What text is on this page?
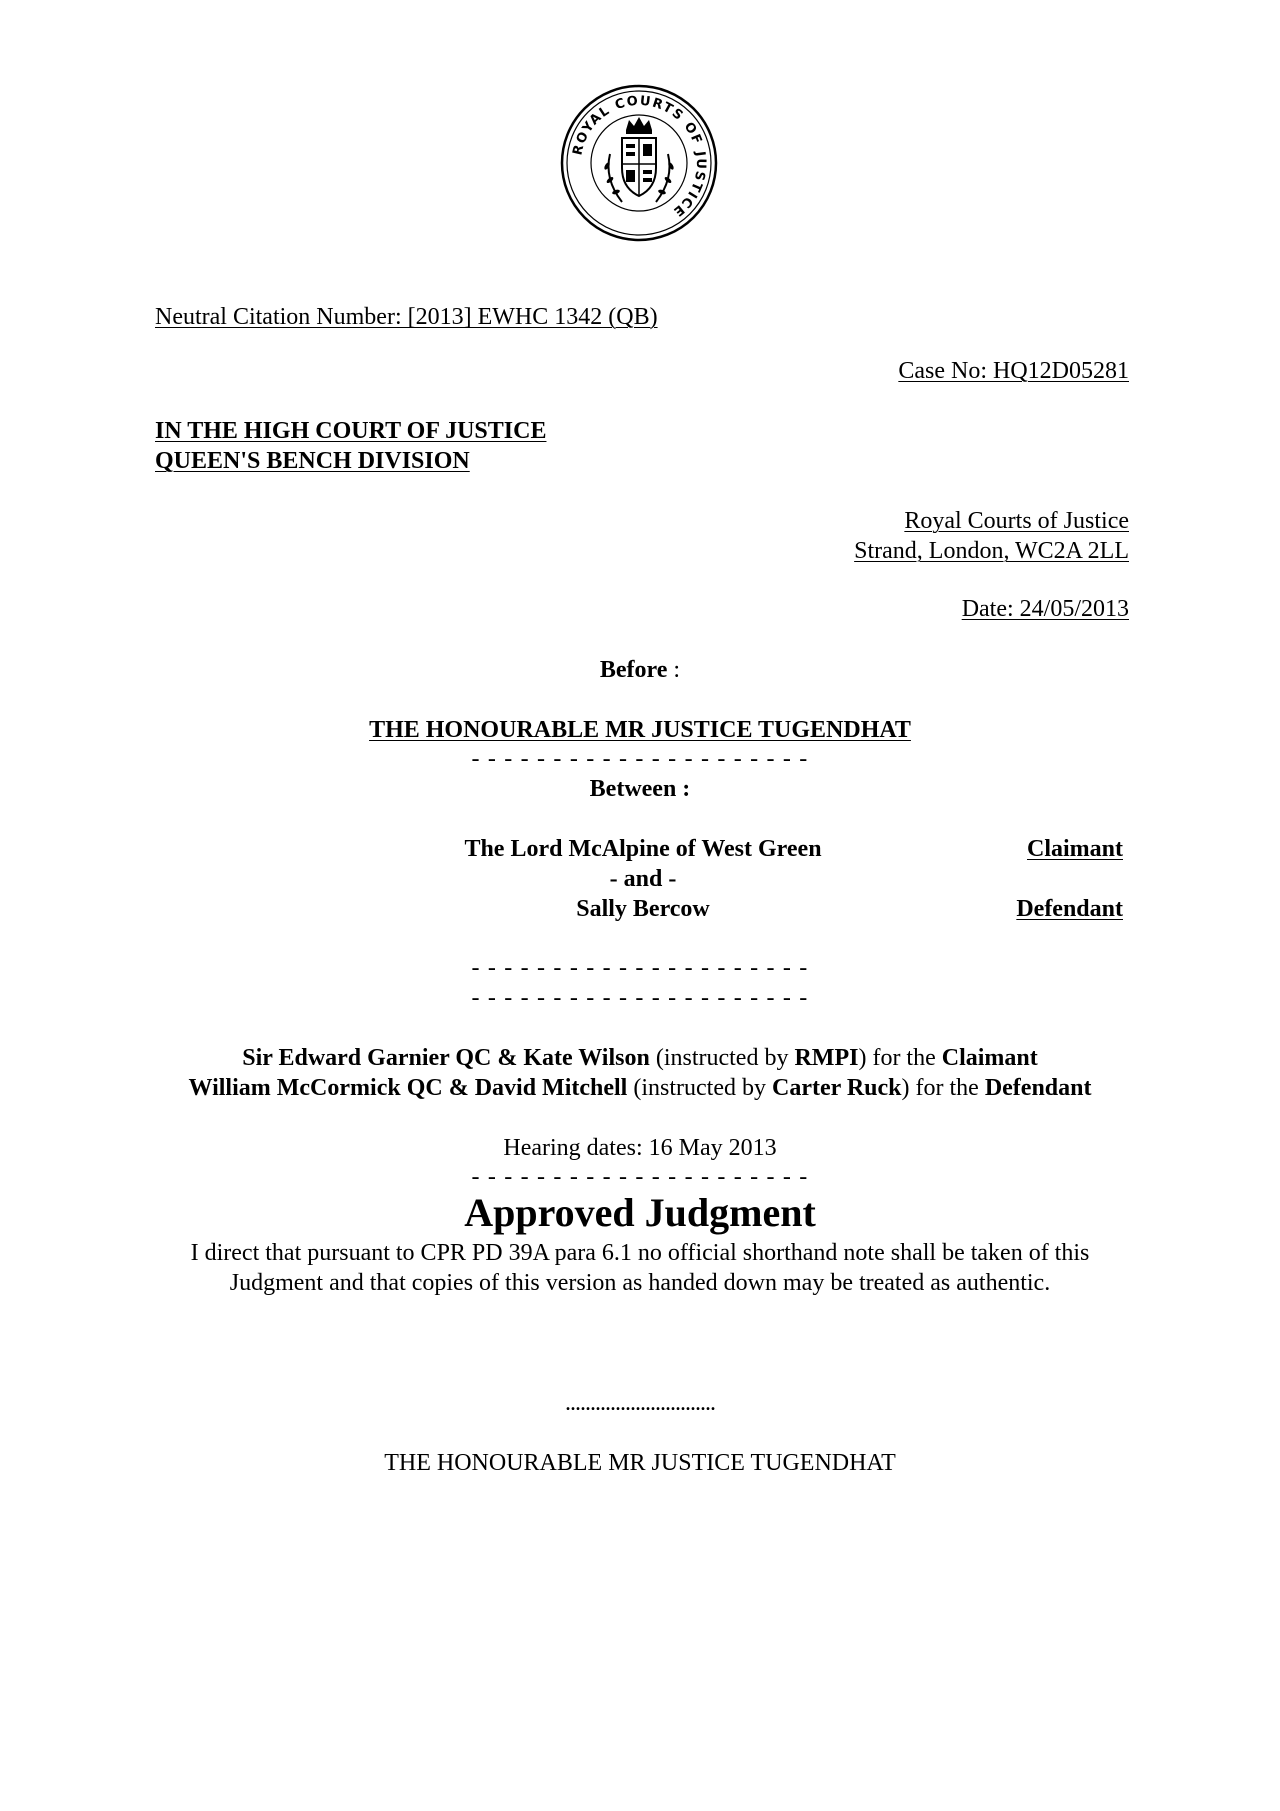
ROYAL COURTS OF JUSTICE
Neutral Citation Number: [2013] EWHC 1342 (QB)
Case No: HQ12D05281
IN THE HIGH COURT OF JUSTICE
QUEEN'S BENCH DIVISION
Royal Courts of Justice
Strand, London, WC2A 2LL
Date: 24/05/2013
Before :
THE HONOURABLE MR JUSTICE TUGENDHAT
- - - - - - - - - - - - - - - - - - - - -
Between :
The Lord McAlpine of West Green	Claimant
- and -
Sally Bercow	Defendant
- - - - - - - - - - - - - - - - - - - - -
- - - - - - - - - - - - - - - - - - - - -
Sir Edward Garnier QC & Kate Wilson (instructed by RMPI) for the Claimant
William McCormick QC & David Mitchell (instructed by Carter Ruck) for the Defendant
Hearing dates: 16 May 2013
- - - - - - - - - - - - - - - - - - - - -
Approved Judgment
I direct that pursuant to CPR PD 39A para 6.1 no official shorthand note shall be taken of this
Judgment and that copies of this version as handed down may be treated as authentic.
..............................
THE HONOURABLE MR JUSTICE TUGENDHAT
